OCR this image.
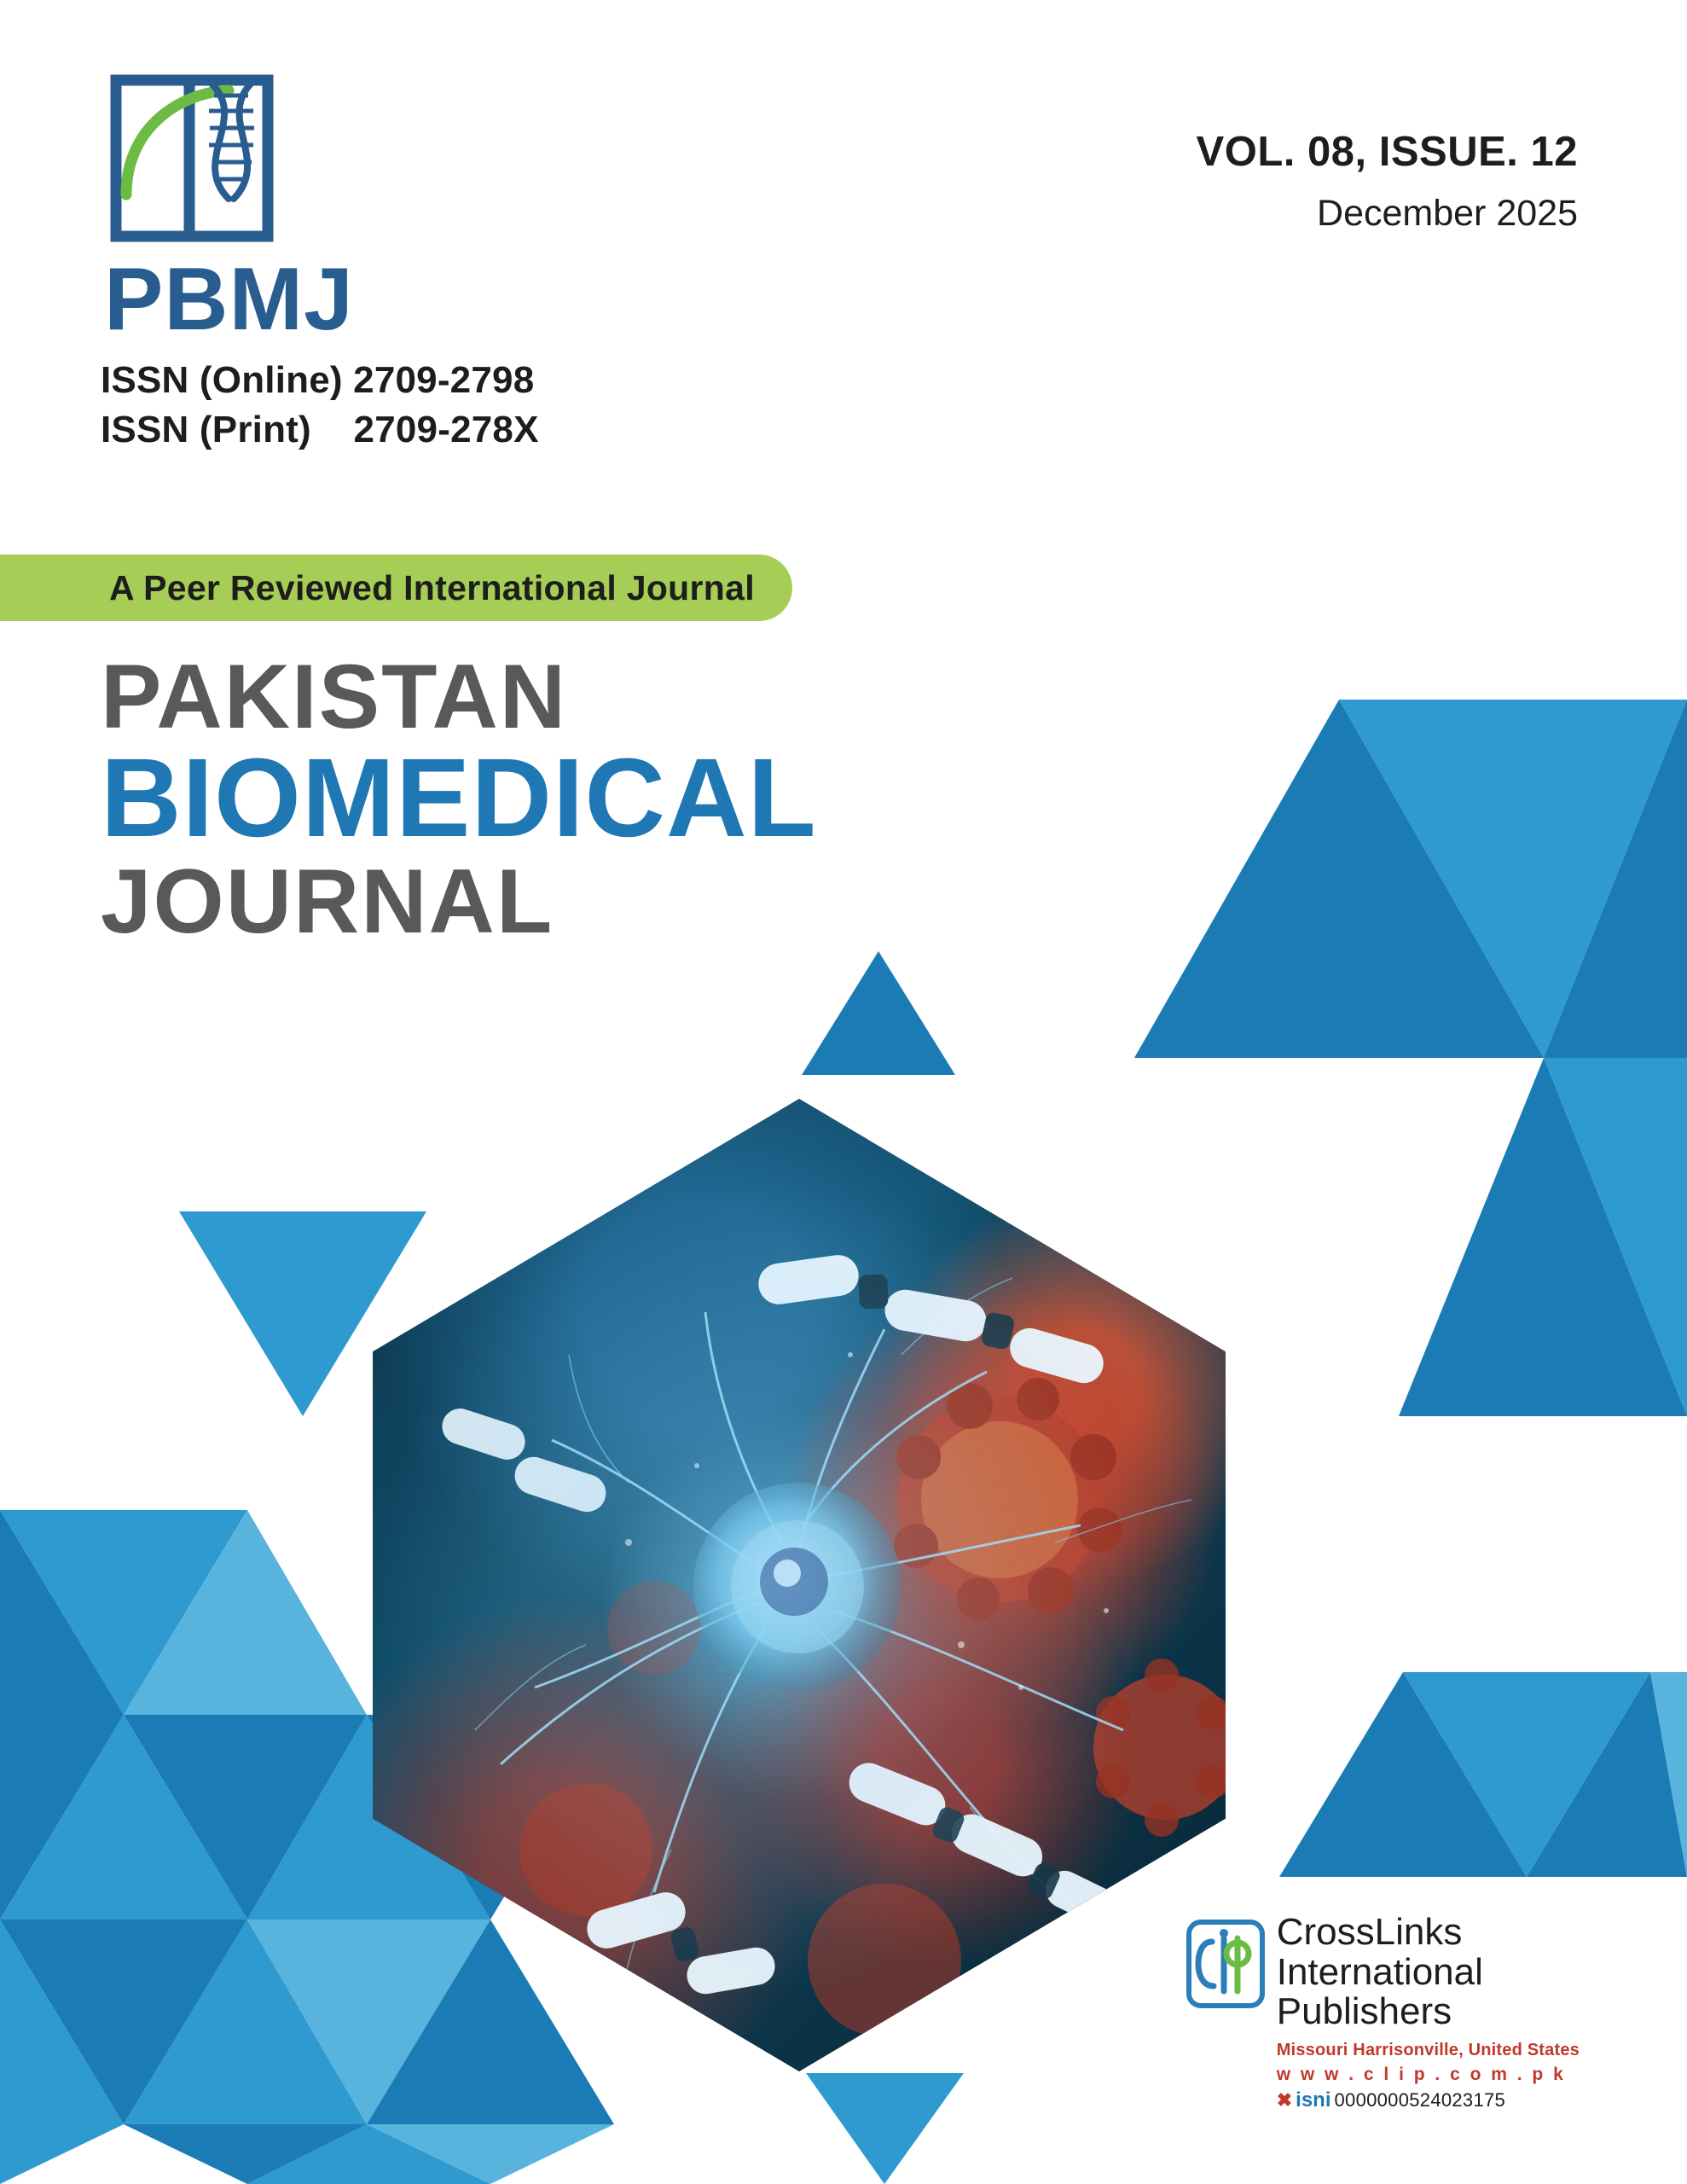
PBMJ
ISSN (Online) 2709-2798
ISSN (Print)    2709-278X
VOL. 08, ISSUE. 12
December 2025
A Peer Reviewed International Journal
PAKISTAN
BIOMEDICAL
JOURNAL
CrossLinks
International
Publishers
Missouri Harrisonville, United States
w w w . c l i p . c o m . p k
✖ isni 0000000524023175
